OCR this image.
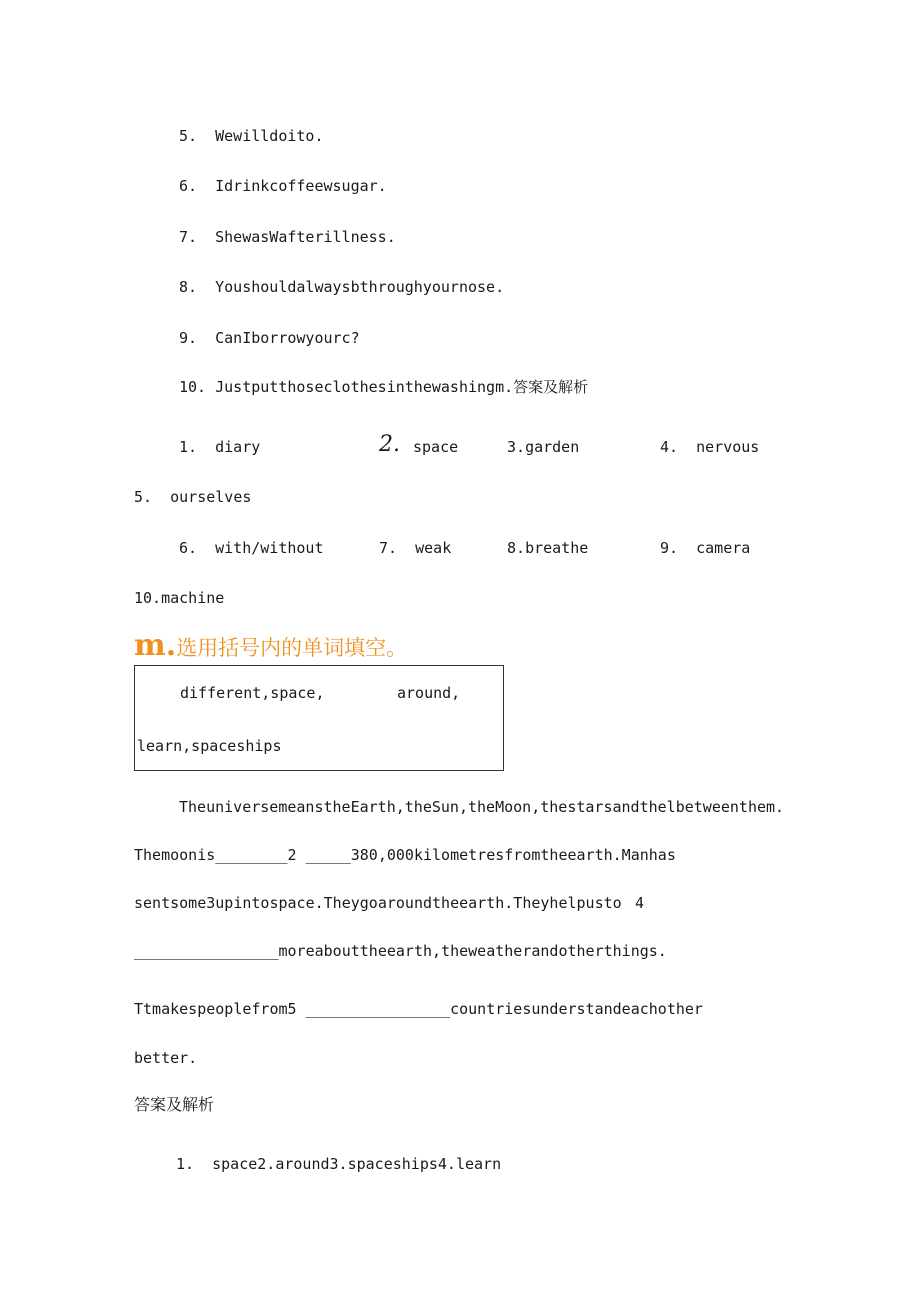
5. Wewilldoito.
6. Idrinkcoffeewsugar.
7. ShewasWafterillness.
8. Youshouldalwaysbthroughyournose.
9. CanIborrowyourc?
10. Justputthoseclothesinthewashingm.答案及解析
1. diary	2. space	3.garden	4. nervous
5. ourselves
6. with/without	7. weak	8.breathe	9. camera
10.machine
m.选用括号内的单词填空。
different,space,	around,
learn,spaceships
TheuniversemeanstheEarth,theSun,theMoon,thestarsandthelbetweenthem.
Themoonis________2 _____380,000kilometresfromtheearth.Manhas
sentsome3upintospace.Theygoaroundtheearth.Theyhelpusto 4
________________moreabouttheearth,theweatherandotherthings.
Ttmakespeoplefrom5 ________________countriesunderstandeachother
better.
答案及解析
1.  space2.around3.spaceships4.learn
